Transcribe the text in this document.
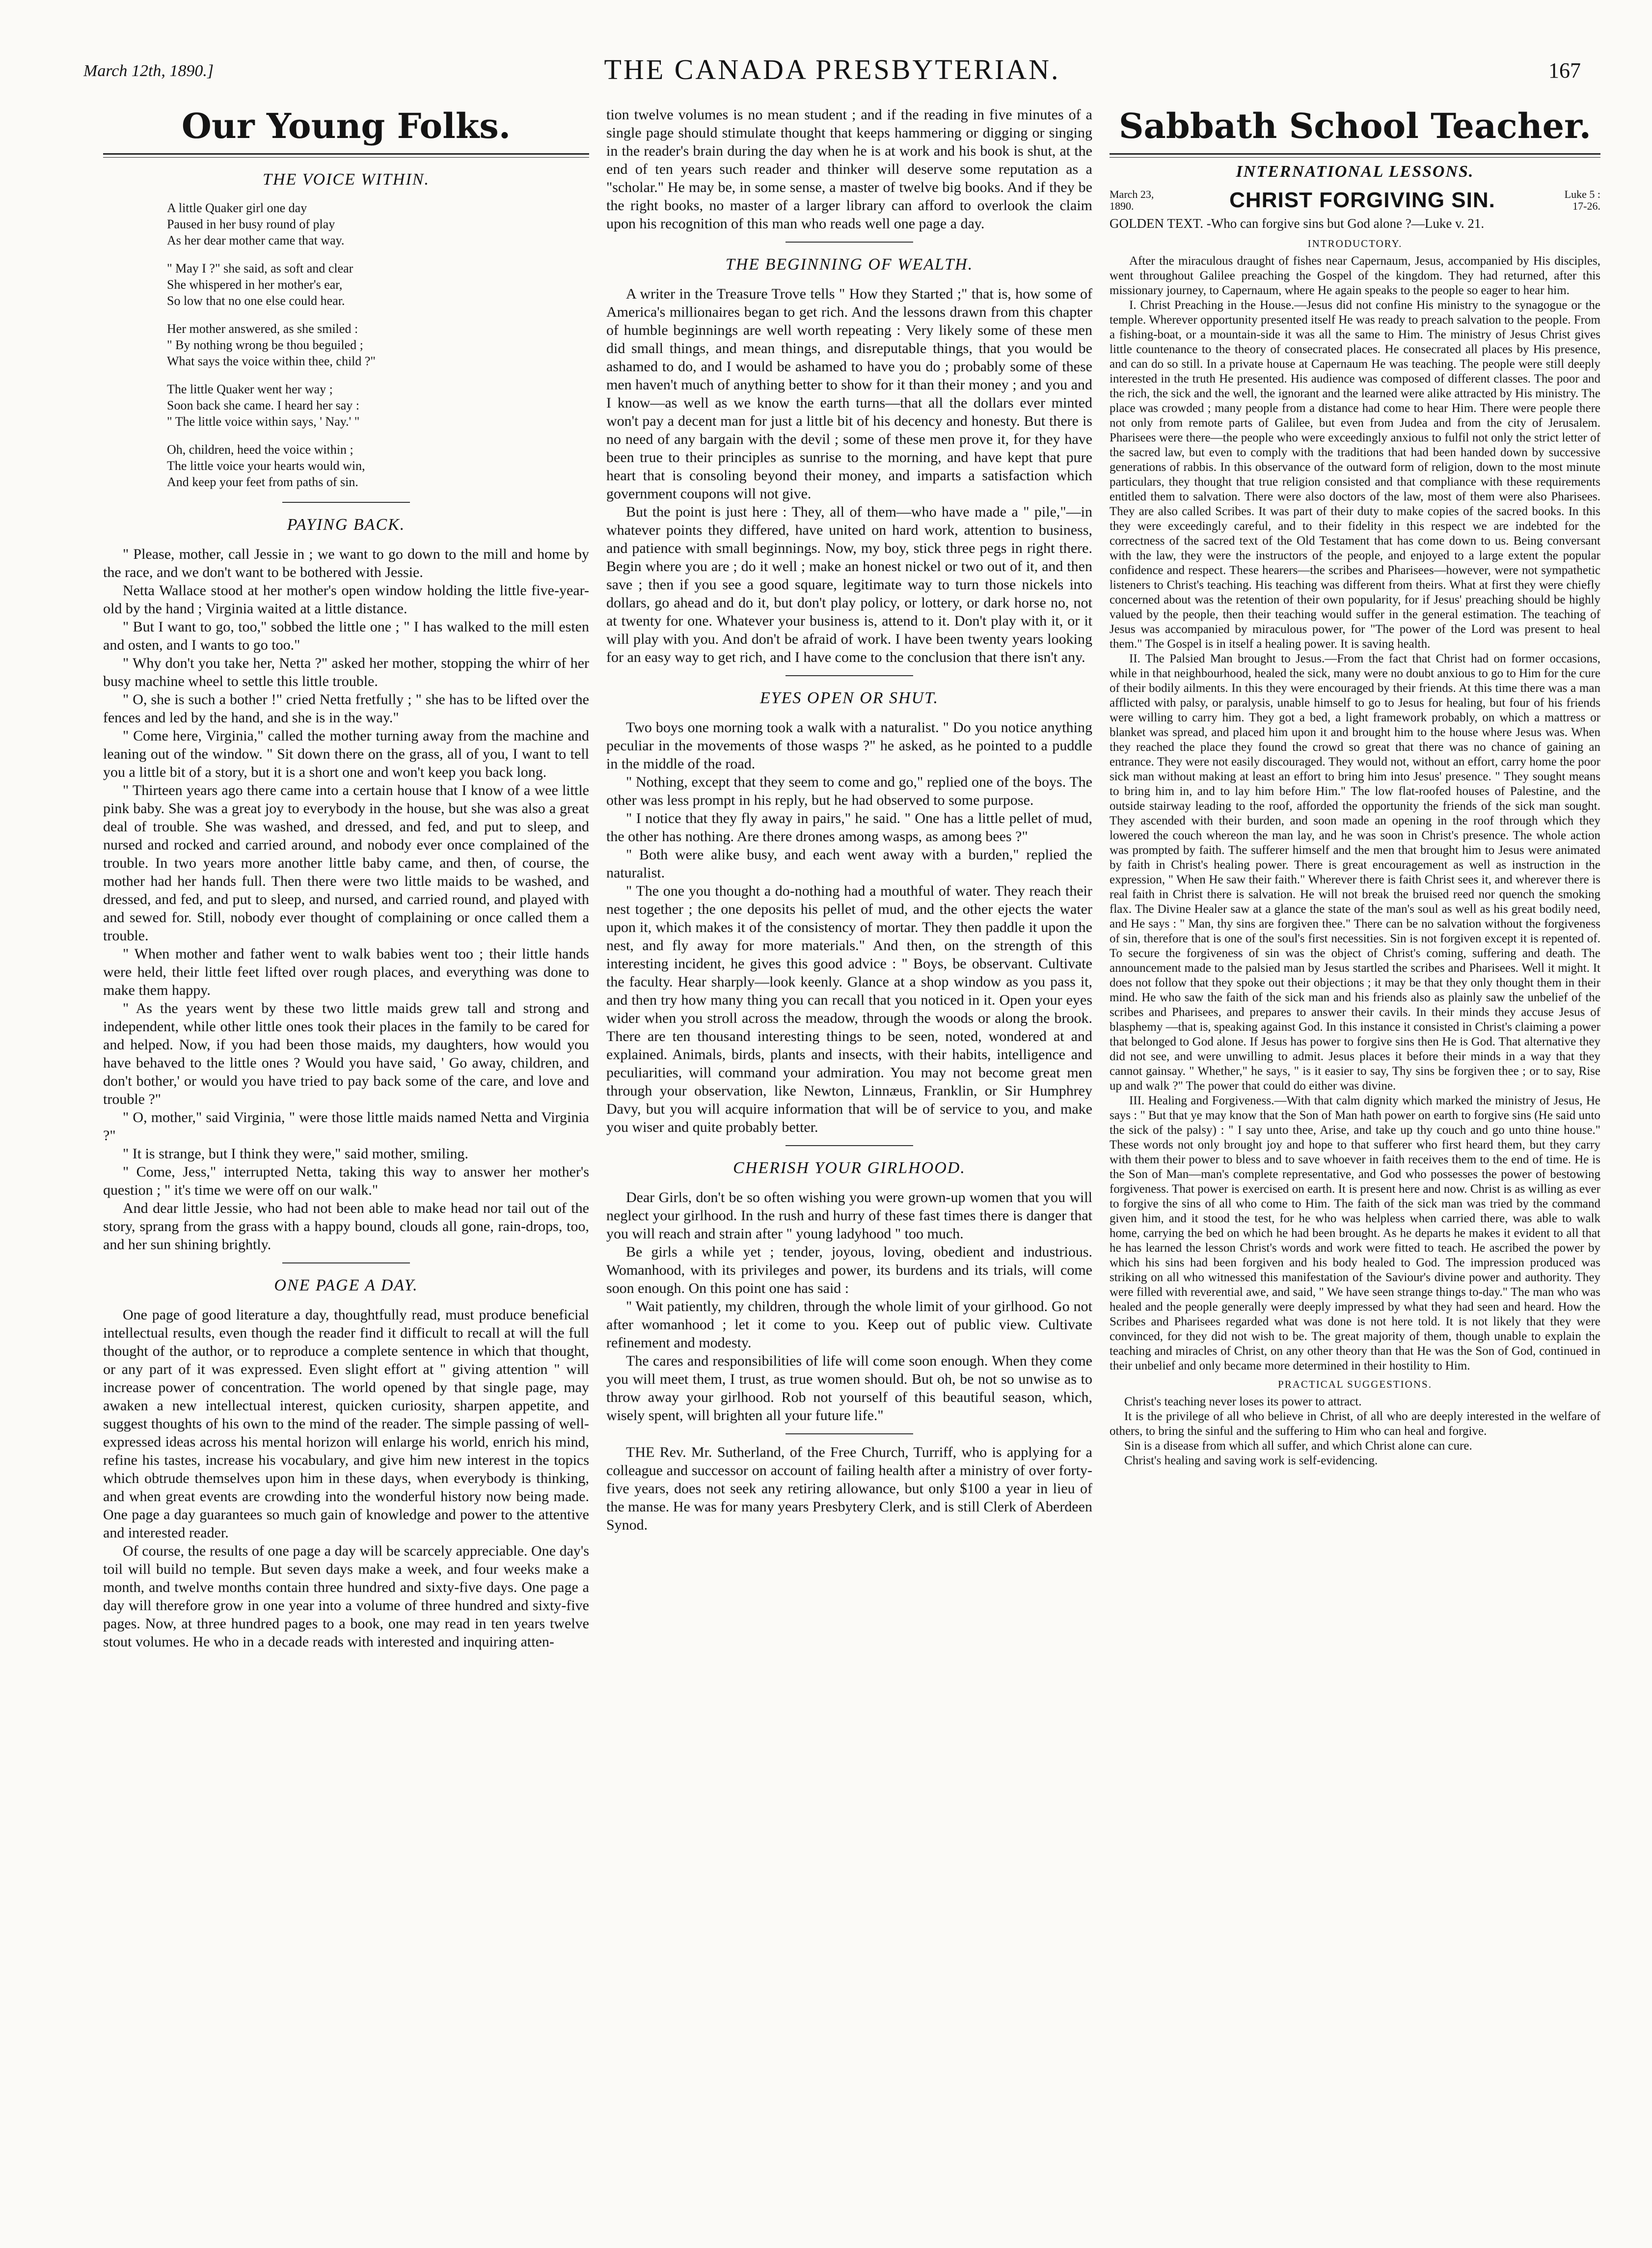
March 12th, 1890.]	THE CANADA PRESBYTERIAN.	167
Our Young Folks.
THE VOICE WITHIN.
A little Quaker girl one day
Paused in her busy round of play
As her dear mother came that way.
" May I ?" she said, as soft and clear
She whispered in her mother's ear,
So low that no one else could hear.
Her mother answered, as she smiled :
" By nothing wrong be thou beguiled ;
What says the voice within thee, child ?"
The little Quaker went her way ;
Soon back she came. I heard her say :
" The little voice within says, ' Nay.' "
Oh, children, heed the voice within ;
The little voice your hearts would win,
And keep your feet from paths of sin.
PAYING BACK.

" Please, mother, call Jessie in ; we want to go down to the mill and home by the race, and we don't want to be bothered with Jessie.

Netta Wallace stood at her mother's open window holding the little five-year-old by the hand ; Virginia waited at a little distance.

" But I want to go, too," sobbed the little one ; " I has walked to the mill esten and osten, and I wants to go too."

" Why don't you take her, Netta ?" asked her mother, stopping the whirr of her busy machine wheel to settle this little trouble.

" O, she is such a bother !" cried Netta fretfully ; " she has to be lifted over the fences and led by the hand, and she is in the way."

" Come here, Virginia," called the mother turning away from the machine and leaning out of the window. " Sit down there on the grass, all of you, I want to tell you a little bit of a story, but it is a short one and won't keep you back long.

" Thirteen years ago there came into a certain house that I know of a wee little pink baby. She was a great joy to everybody in the house, but she was also a great deal of trouble. She was washed, and dressed, and fed, and put to sleep, and nursed and rocked and carried around, and nobody ever once complained of the trouble. In two years more another little baby came, and then, of course, the mother had her hands full. Then there were two little maids to be washed, and dressed, and fed, and put to sleep, and nursed, and carried round, and played with and sewed for. Still, nobody ever thought of complaining or once called them a trouble.

" When mother and father went to walk babies went too ; their little hands were held, their little feet lifted over rough places, and everything was done to make them happy.

" As the years went by these two little maids grew tall and strong and independent, while other little ones took their places in the family to be cared for and helped. Now, if you had been those maids, my daughters, how would you have behaved to the little ones ? Would you have said, ' Go away, children, and don't bother,' or would you have tried to pay back some of the care, and love and trouble ?"

" O, mother," said Virginia, " were those little maids named Netta and Virginia ?"

" It is strange, but I think they were," said mother, smiling.

" Come, Jess," interrupted Netta, taking this way to answer her mother's question ; " it's time we were off on our walk."

And dear little Jessie, who had not been able to make head nor tail out of the story, sprang from the grass with a happy bound, clouds all gone, rain-drops, too, and her sun shining brightly.

ONE PAGE A DAY.

One page of good literature a day, thoughtfully read, must produce beneficial intellectual results, even though the reader find it difficult to recall at will the full thought of the author, or to reproduce a complete sentence in which that thought, or any part of it was expressed. Even slight effort at " giving attention " will increase power of concentration. The world opened by that single page, may awaken a new intellectual interest, quicken curiosity, sharpen appetite, and suggest thoughts of his own to the mind of the reader. The simple passing of well-expressed ideas across his mental horizon will enlarge his world, enrich his mind, refine his tastes, increase his vocabulary, and give him new interest in the topics which obtrude themselves upon him in these days, when everybody is thinking, and when great events are crowding into the wonderful history now being made. One page a day guarantees so much gain of knowledge and power to the attentive and interested reader.

Of course, the results of one page a day will be scarcely appreciable. One day's toil will build no temple. But seven days make a week, and four weeks make a month, and twelve months contain three hundred and sixty-five days. One page a day will therefore grow in one year into a volume of three hundred and sixty-five pages. Now, at three hundred pages to a book, one may read in ten years twelve stout volumes. He who in a decade reads with interested and inquiring atten-

tion twelve volumes is no mean student ; and if the reading in five minutes of a single page should stimulate thought that keeps hammering or digging or singing in the reader's brain during the day when he is at work and his book is shut, at the end of ten years such reader and thinker will deserve some reputation as a "scholar." He may be, in some sense, a master of twelve big books. And if they be the right books, no master of a larger library can afford to overlook the claim upon his recognition of this man who reads well one page a day.

THE BEGINNING OF WEALTH.

A writer in the Treasure Trove tells " How they Started ;" that is, how some of America's millionaires began to get rich. And the lessons drawn from this chapter of humble beginnings are well worth repeating : Very likely some of these men did small things, and mean things, and disreputable things, that you would be ashamed to do, and I would be ashamed to have you do ; probably some of these men haven't much of anything better to show for it than their money ; and you and I know—as well as we know the earth turns—that all the dollars ever minted won't pay a decent man for just a little bit of his decency and honesty. But there is no need of any bargain with the devil ; some of these men prove it, for they have been true to their principles as sunrise to the morning, and have kept that pure heart that is consoling beyond their money, and imparts a satisfaction which government coupons will not give.

But the point is just here : They, all of them—who have made a " pile,"—in whatever points they differed, have united on hard work, attention to business, and patience with small beginnings. Now, my boy, stick three pegs in right there. Begin where you are ; do it well ; make an honest nickel or two out of it, and then save ; then if you see a good square, legitimate way to turn those nickels into dollars, go ahead and do it, but don't play policy, or lottery, or dark horse no, not at twenty for one. Whatever your business is, attend to it. Don't play with it, or it will play with you. And don't be afraid of work. I have been twenty years looking for an easy way to get rich, and I have come to the conclusion that there isn't any.

EYES OPEN OR SHUT.

Two boys one morning took a walk with a naturalist. " Do you notice anything peculiar in the movements of those wasps ?" he asked, as he pointed to a puddle in the middle of the road.

" Nothing, except that they seem to come and go," replied one of the boys. The other was less prompt in his reply, but he had observed to some purpose.

" I notice that they fly away in pairs," he said. " One has a little pellet of mud, the other has nothing. Are there drones among wasps, as among bees ?"

" Both were alike busy, and each went away with a burden," replied the naturalist.

" The one you thought a do-nothing had a mouthful of water. They reach their nest together ; the one deposits his pellet of mud, and the other ejects the water upon it, which makes it of the consistency of mortar. They then paddle it upon the nest, and fly away for more materials." And then, on the strength of this interesting incident, he gives this good advice : " Boys, be observant. Cultivate the faculty. Hear sharply—look keenly. Glance at a shop window as you pass it, and then try how many thing you can recall that you noticed in it. Open your eyes wider when you stroll across the meadow, through the woods or along the brook. There are ten thousand interesting things to be seen, noted, wondered at and explained. Animals, birds, plants and insects, with their habits, intelligence and peculiarities, will command your admiration. You may not become great men through your observation, like Newton, Linnæus, Franklin, or Sir Humphrey Davy, but you will acquire information that will be of service to you, and make you wiser and quite probably better.

CHERISH YOUR GIRLHOOD.

Dear Girls, don't be so often wishing you were grown-up women that you will neglect your girlhood. In the rush and hurry of these fast times there is danger that you will reach and strain after " young ladyhood " too much.

Be girls a while yet ; tender, joyous, loving, obedient and industrious. Womanhood, with its privileges and power, its burdens and its trials, will come soon enough. On this point one has said :

" Wait patiently, my children, through the whole limit of your girlhood. Go not after womanhood ; let it come to you. Keep out of public view. Cultivate refinement and modesty.

The cares and responsibilities of life will come soon enough. When they come you will meet them, I trust, as true women should. But oh, be not so unwise as to throw away your girlhood. Rob not yourself of this beautiful season, which, wisely spent, will brighten all your future life."

THE Rev. Mr. Sutherland, of the Free Church, Turriff, who is applying for a colleague and successor on account of failing health after a ministry of over forty-five years, does not seek any retiring allowance, but only $100 a year in lieu of the manse. He was for many years Presbytery Clerk, and is still Clerk of Aberdeen Synod.

Sabbath School Teacher.
INTERNATIONAL LESSONS.
March 23, 1890.	CHRIST FORGIVING SIN.	Luke 5 : 17-26.
GOLDEN TEXT. -Who can forgive sins but God alone ?—Luke v. 21.
INTRODUCTORY.

After the miraculous draught of fishes near Capernaum, Jesus, accompanied by His disciples, went throughout Galilee preaching the Gospel of the kingdom. They had returned, after this missionary journey, to Capernaum, where He again speaks to the people so eager to hear him.

I. Christ Preaching in the House.—Jesus did not confine His ministry to the synagogue or the temple. Wherever opportunity presented itself He was ready to preach salvation to the people. From a fishing-boat, or a mountain-side it was all the same to Him. The ministry of Jesus Christ gives little countenance to the theory of consecrated places. He consecrated all places by His presence, and can do so still. In a private house at Capernaum He was teaching. The people were still deeply interested in the truth He presented. His audience was composed of different classes. The poor and the rich, the sick and the well, the ignorant and the learned were alike attracted by His ministry. The place was crowded ; many people from a distance had come to hear Him. There were people there not only from remote parts of Galilee, but even from Judea and from the city of Jerusalem. Pharisees were there—the people who were exceedingly anxious to fulfil not only the strict letter of the sacred law, but even to comply with the traditions that had been handed down by successive generations of rabbis. In this observance of the outward form of religion, down to the most minute particulars, they thought that true religion consisted and that compliance with these requirements entitled them to salvation. There were also doctors of the law, most of them were also Pharisees. They are also called Scribes. It was part of their duty to make copies of the sacred books. In this they were exceedingly careful, and to their fidelity in this respect we are indebted for the correctness of the sacred text of the Old Testament that has come down to us. Being conversant with the law, they were the instructors of the people, and enjoyed to a large extent the popular confidence and respect. These hearers—the scribes and Pharisees—however, were not sympathetic listeners to Christ's teaching. His teaching was different from theirs. What at first they were chiefly concerned about was the retention of their own popularity, for if Jesus' preaching should be highly valued by the people, then their teaching would suffer in the general estimation. The teaching of Jesus was accompanied by miraculous power, for "The power of the Lord was present to heal them." The Gospel is in itself a healing power. It is saving health.

II. The Palsied Man brought to Jesus.—From the fact that Christ had on former occasions, while in that neighbourhood, healed the sick, many were no doubt anxious to go to Him for the cure of their bodily ailments. In this they were encouraged by their friends. At this time there was a man afflicted with palsy, or paralysis, unable himself to go to Jesus for healing, but four of his friends were willing to carry him. They got a bed, a light framework probably, on which a mattress or blanket was spread, and placed him upon it and brought him to the house where Jesus was. When they reached the place they found the crowd so great that there was no chance of gaining an entrance. They were not easily discouraged. They would not, without an effort, carry home the poor sick man without making at least an effort to bring him into Jesus' presence. " They sought means to bring him in, and to lay him before Him." The low flat-roofed houses of Palestine, and the outside stairway leading to the roof, afforded the opportunity the friends of the sick man sought. They ascended with their burden, and soon made an opening in the roof through which they lowered the couch whereon the man lay, and he was soon in Christ's presence. The whole action was prompted by faith. The sufferer himself and the men that brought him to Jesus were animated by faith in Christ's healing power. There is great encouragement as well as instruction in the expression, " When He saw their faith." Wherever there is faith Christ sees it, and wherever there is real faith in Christ there is salvation. He will not break the bruised reed nor quench the smoking flax. The Divine Healer saw at a glance the state of the man's soul as well as his great bodily need, and He says : " Man, thy sins are forgiven thee." There can be no salvation without the forgiveness of sin, therefore that is one of the soul's first necessities. Sin is not forgiven except it is repented of. To secure the forgiveness of sin was the object of Christ's coming, suffering and death. The announcement made to the palsied man by Jesus startled the scribes and Pharisees. Well it might. It does not follow that they spoke out their objections ; it may be that they only thought them in their mind. He who saw the faith of the sick man and his friends also as plainly saw the unbelief of the scribes and Pharisees, and prepares to answer their cavils. In their minds they accuse Jesus of blasphemy —that is, speaking against God. In this instance it consisted in Christ's claiming a power that belonged to God alone. If Jesus has power to forgive sins then He is God. That alternative they did not see, and were unwilling to admit. Jesus places it before their minds in a way that they cannot gainsay. " Whether," he says, " is it easier to say, Thy sins be forgiven thee ; or to say, Rise up and walk ?" The power that could do either was divine.

III. Healing and Forgiveness.—With that calm dignity which marked the ministry of Jesus, He says : " But that ye may know that the Son of Man hath power on earth to forgive sins (He said unto the sick of the palsy) : " I say unto thee, Arise, and take up thy couch and go unto thine house." These words not only brought joy and hope to that sufferer who first heard them, but they carry with them their power to bless and to save whoever in faith receives them to the end of time. He is the Son of Man—man's complete representative, and God who possesses the power of bestowing forgiveness. That power is exercised on earth. It is present here and now. Christ is as willing as ever to forgive the sins of all who come to Him. The faith of the sick man was tried by the command given him, and it stood the test, for he who was helpless when carried there, was able to walk home, carrying the bed on which he had been brought. As he departs he makes it evident to all that he has learned the lesson Christ's words and work were fitted to teach. He ascribed the power by which his sins had been forgiven and his body healed to God. The impression produced was striking on all who witnessed this manifestation of the Saviour's divine power and authority. They were filled with reverential awe, and said, " We have seen strange things to-day." The man who was healed and the people generally were deeply impressed by what they had seen and heard. How the Scribes and Pharisees regarded what was done is not here told. It is not likely that they were convinced, for they did not wish to be. The great majority of them, though unable to explain the teaching and miracles of Christ, on any other theory than that He was the Son of God, continued in their unbelief and only became more determined in their hostility to Him.

PRACTICAL SUGGESTIONS.

Christ's teaching never loses its power to attract.

It is the privilege of all who believe in Christ, of all who are deeply interested in the welfare of others, to bring the sinful and the suffering to Him who can heal and forgive.

Sin is a disease from which all suffer, and which Christ alone can cure.

Christ's healing and saving work is self-evidencing.
